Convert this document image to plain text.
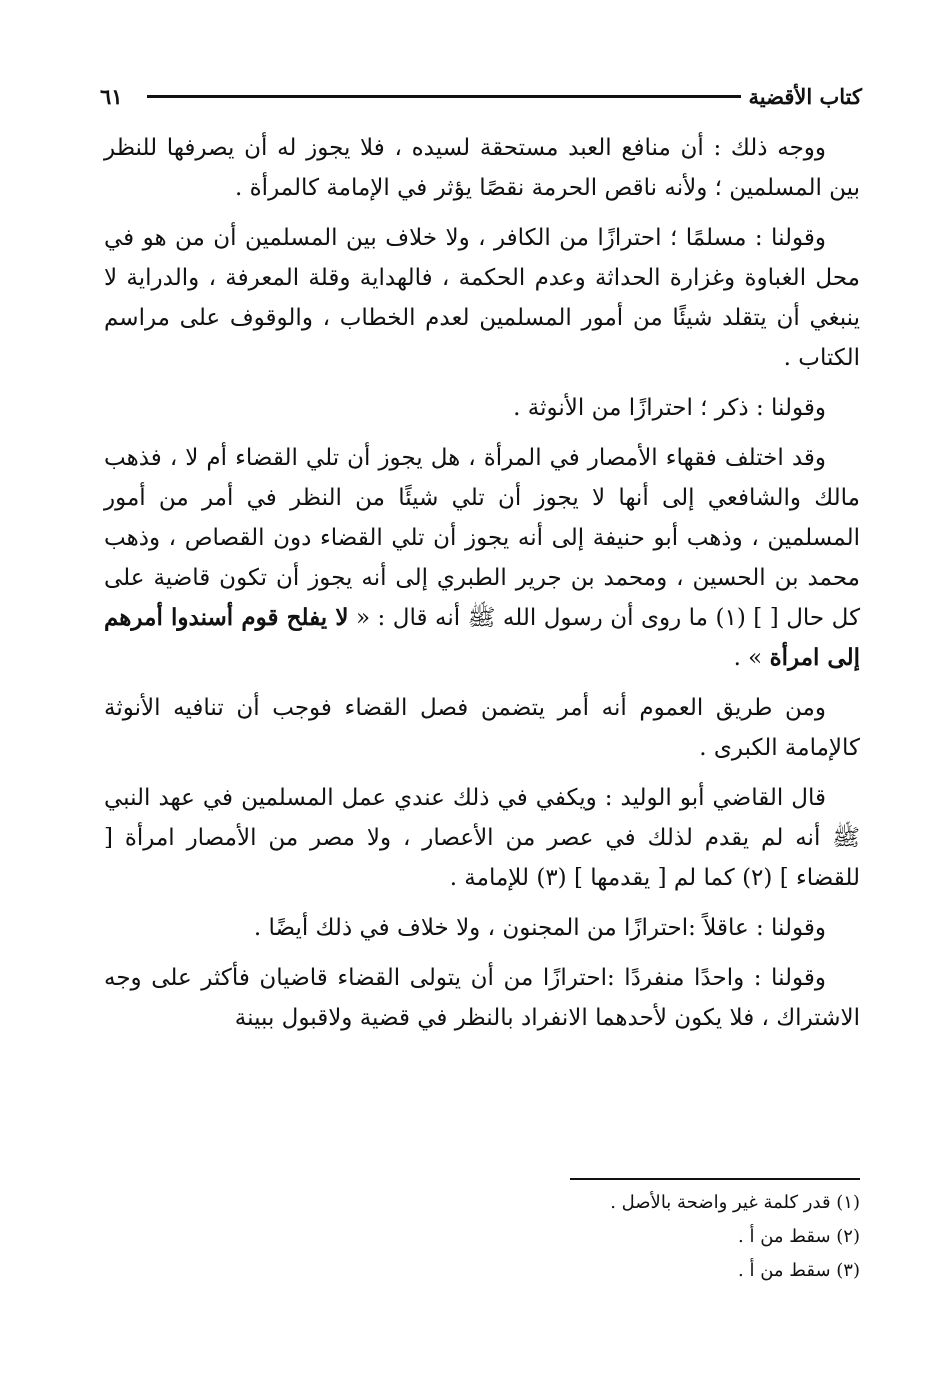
كتاب الأقضية
٦١

ووجه ذلك : أن منافع العبد مستحقة لسيده ، فلا يجوز له أن يصرفها للنظر بين المسلمين ؛ ولأنه ناقص الحرمة نقصًا يؤثر في الإمامة كالمرأة .

وقولنا : مسلمًا ؛ احترازًا من الكافر ، ولا خلاف بين المسلمين أن من هو في محل الغباوة وغزارة الحداثة وعدم الحكمة ، فالهداية وقلة المعرفة ، والدراية لا ينبغي أن يتقلد شيئًا من أمور المسلمين لعدم الخطاب ، والوقوف على مراسم الكتاب .

وقولنا : ذكر ؛ احترازًا من الأنوثة .

وقد اختلف فقهاء الأمصار في المرأة ، هل يجوز أن تلي القضاء أم لا ، فذهب مالك والشافعي إلى أنها لا يجوز أن تلي شيئًا من النظر في أمر من أمور المسلمين ، وذهب أبو حنيفة إلى أنه يجوز أن تلي القضاء دون القصاص ، وذهب محمد بن الحسين ، ومحمد بن جرير الطبري إلى أنه يجوز أن تكون قاضية على كل حال [ ] (١) ما روى أن رسول الله ﷺ أنه قال : « لا يفلح قوم أسندوا أمرهم إلى امرأة » .

ومن طريق العموم أنه أمر يتضمن فصل القضاء فوجب أن تنافيه الأنوثة كالإمامة الكبرى .

قال القاضي أبو الوليد : ويكفي في ذلك عندي عمل المسلمين في عهد النبي ﷺ أنه لم يقدم لذلك في عصر من الأعصار ، ولا مصر من الأمصار امرأة [ للقضاء ] (٢) كما لم [ يقدمها ] (٣) للإمامة .

وقولنا : عاقلاً :احترازًا من المجنون ، ولا خلاف في ذلك أيضًا .

وقولنا : واحدًا منفردًا :احترازًا من أن يتولى القضاء قاضيان فأكثر على وجه الاشتراك ، فلا يكون لأحدهما الانفراد بالنظر في قضية ولاقبول ببينة

(١) قدر كلمة غير واضحة بالأصل .
(٢) سقط من أ .
(٣) سقط من أ .
